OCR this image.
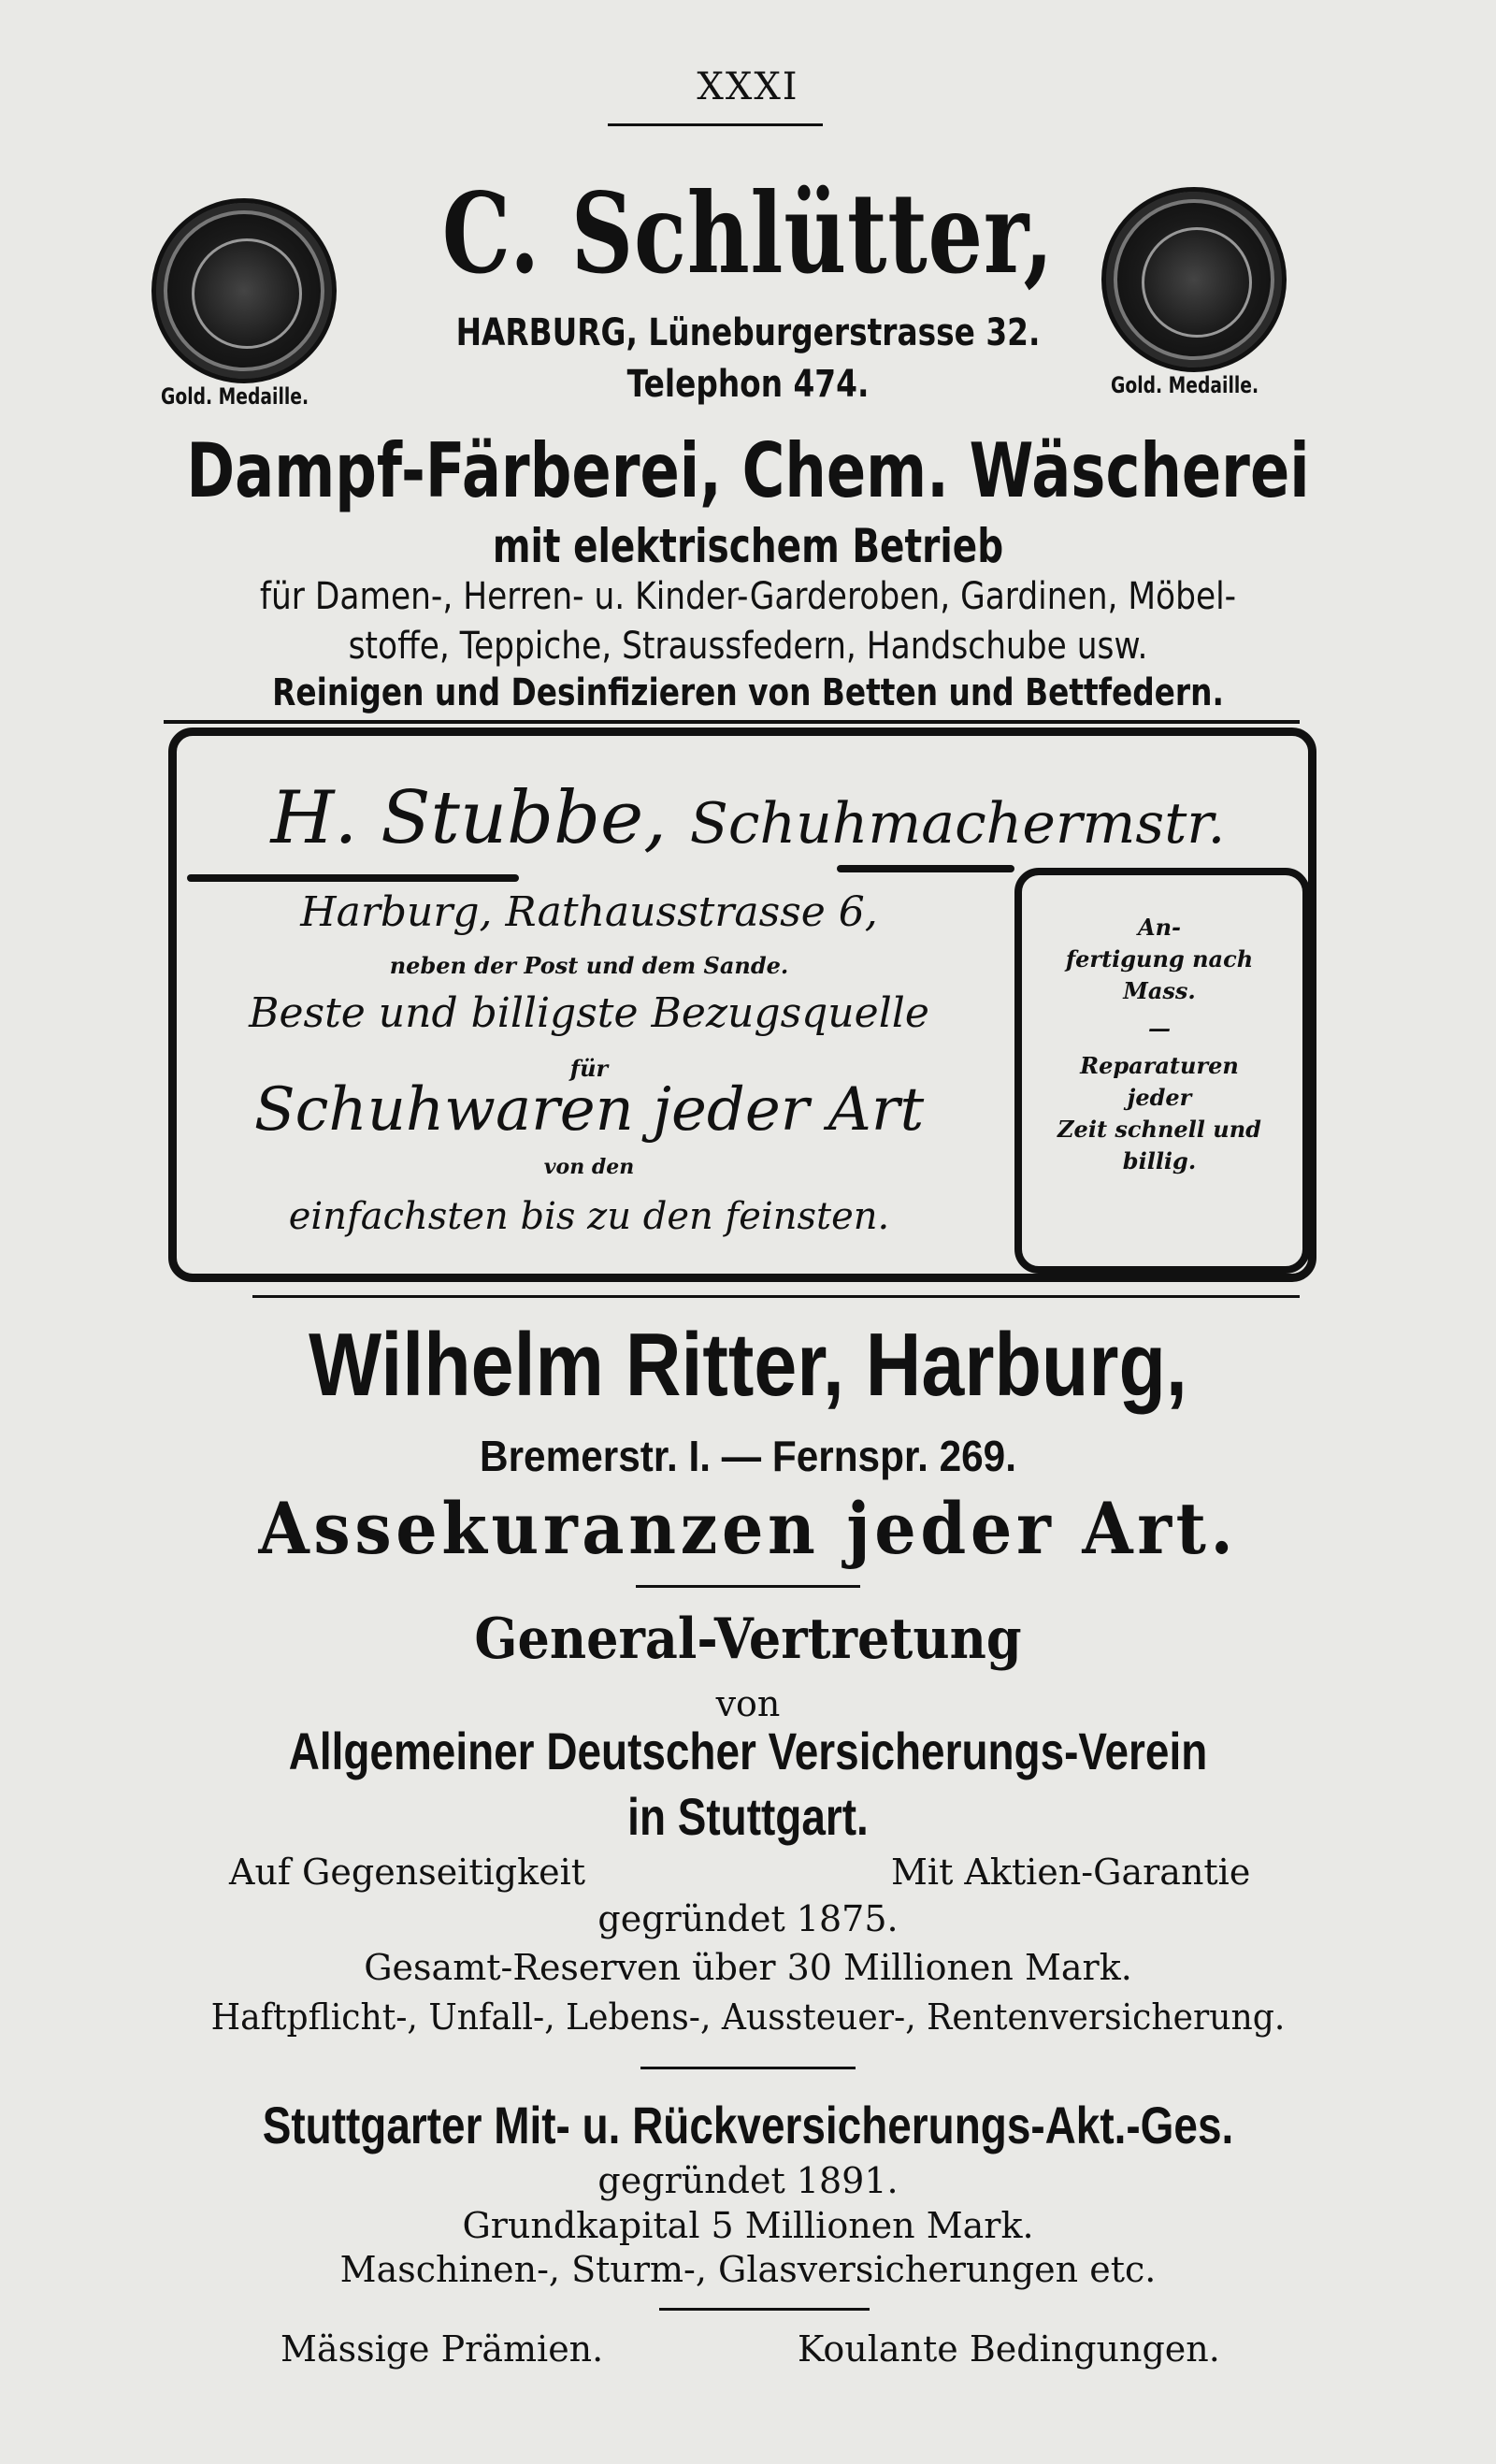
XXXI
Gold. Medaille.	Gold. Medaille.
C. Schlütter,
HARBURG, Lüneburgerstrasse 32.
Telephon 474.
Dampf-Färberei, Chem. Wäscherei
mit elektrischem Betrieb
für Damen-, Herren- u. Kinder-Garderoben, Gardinen, Möbel-
stoffe, Teppiche, Straussfedern, Handschube usw.
Reinigen und Desinfizieren von Betten und Bettfedern.
H. Stubbe, Schuhmachermstr.
Harburg, Rathausstrasse 6,
neben der Post und dem Sande.
Beste und billigste Bezugsquelle
für
Schuhwaren jeder Art
von den
einfachsten bis zu den feinsten.
An-
fertigung nach
Mass.
—
Reparaturen
jeder
Zeit schnell und
billig.
Wilhelm Ritter, Harburg,
Bremerstr. I. — Fernspr. 269.
Assekuranzen jeder Art.
General-Vertretung
von
Allgemeiner Deutscher Versicherungs-Verein
in Stuttgart.
Auf Gegenseitigkeit	Mit Aktien-Garantie
gegründet 1875.
Gesamt-Reserven über 30 Millionen Mark.
Haftpflicht-, Unfall-, Lebens-, Aussteuer-, Rentenversicherung.
Stuttgarter Mit- u. Rückversicherungs-Akt.-Ges.
gegründet 1891.
Grundkapital 5 Millionen Mark.
Maschinen-, Sturm-, Glasversicherungen etc.
Mässige Prämien.	Koulante Bedingungen.
